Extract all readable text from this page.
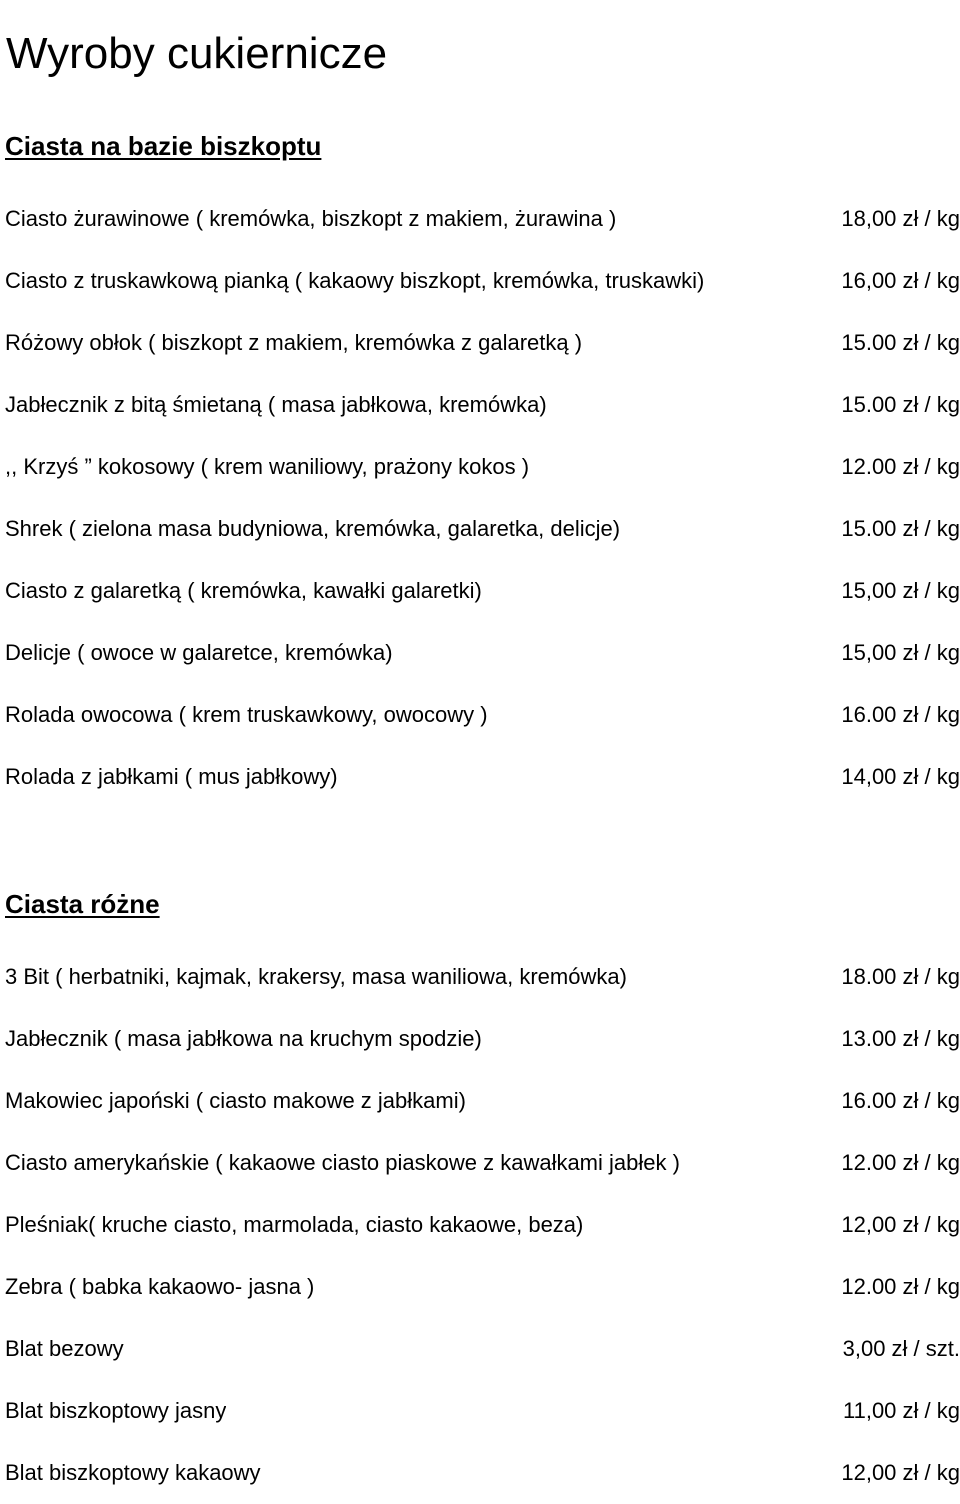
Wyroby cukiernicze
Ciasta na bazie biszkoptu
Ciasto żurawinowe ( kremówka, biszkopt z makiem, żurawina )	18,00 zł / kg
Ciasto z truskawkową pianką ( kakaowy biszkopt, kremówka, truskawki)	16,00 zł / kg
Różowy obłok ( biszkopt z makiem, kremówka z galaretką )	15.00 zł / kg
Jabłecznik z bitą śmietaną ( masa jabłkowa, kremówka)	15.00 zł / kg
,, Krzyś ” kokosowy ( krem waniliowy, prażony kokos )	12.00 zł / kg
Shrek ( zielona masa budyniowa, kremówka, galaretka, delicje)	15.00 zł / kg
Ciasto z galaretką ( kremówka, kawałki galaretki)	15,00 zł / kg
Delicje ( owoce w galaretce, kremówka)	15,00 zł / kg
Rolada owocowa ( krem truskawkowy, owocowy )	16.00 zł / kg
Rolada z jabłkami ( mus jabłkowy)	14,00 zł / kg
Ciasta różne
3 Bit ( herbatniki, kajmak, krakersy, masa waniliowa, kremówka)	18.00 zł / kg
Jabłecznik ( masa jabłkowa na kruchym spodzie)	13.00 zł / kg
Makowiec japoński ( ciasto makowe z jabłkami)	16.00 zł / kg
Ciasto amerykańskie ( kakaowe ciasto piaskowe z kawałkami jabłek )	12.00 zł / kg
Pleśniak( kruche ciasto, marmolada, ciasto kakaowe, beza)	12,00 zł / kg
Zebra ( babka kakaowo- jasna )	12.00 zł / kg
Blat bezowy	3,00 zł / szt.
Blat biszkoptowy jasny	11,00 zł / kg
Blat biszkoptowy kakaowy	12,00 zł / kg
